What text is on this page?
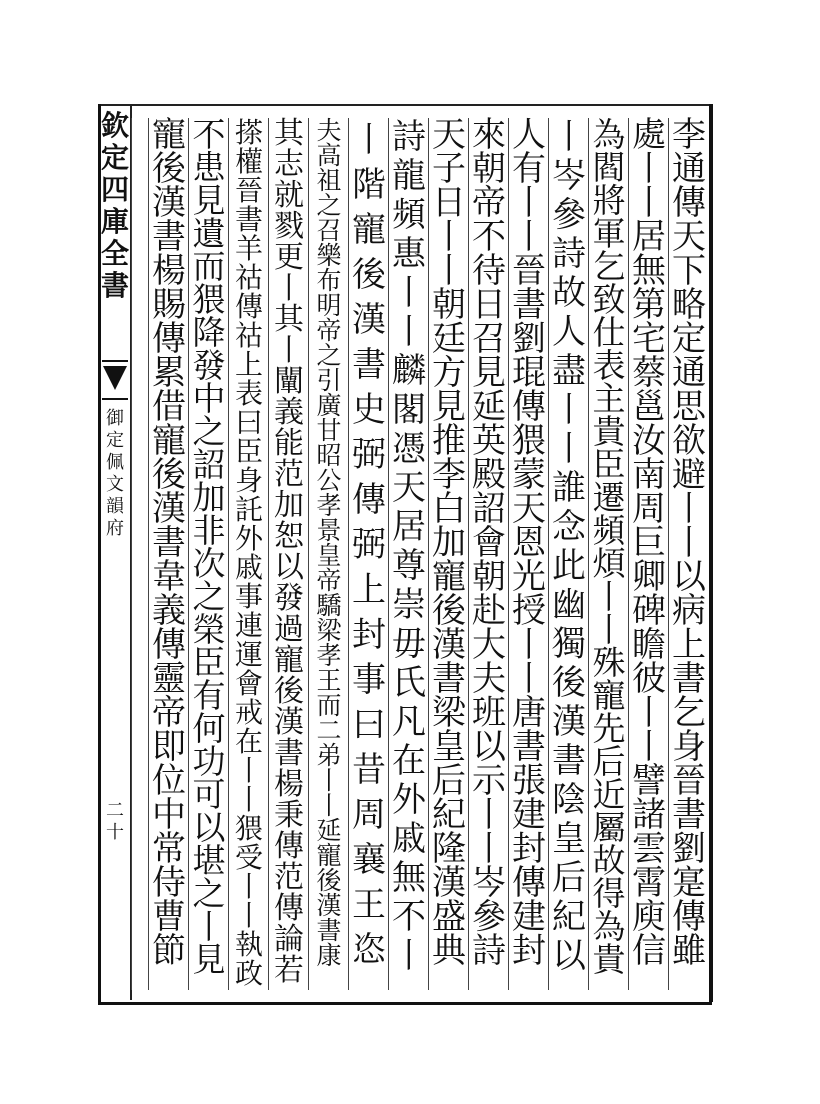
欽定四庫全書
御定佩文韻府
二十
李通傳天下略定通思欲避丨丨以病上書乞身晉書劉寔傳雖
處丨丨居無第宅蔡邕汝南周巨卿碑瞻彼丨丨譬諸雲霄庾信
為閻將軍乞致仕表主貴臣遷頻煩丨丨殊寵先后近屬故得為貴
丨岑參詩故人盡丨丨誰念此幽獨後漢書陰皇后紀以
人有丨丨晉書劉琨傳猥蒙天恩光授丨丨唐書張建封傳建封
來朝帝不待日召見延英殿詔會朝赴大夫班以示丨丨岑參詩
天子日丨丨朝廷方見推李白加寵後漢書梁皇后紀隆漢盛典
詩龍頻惠丨丨麟閣憑天居尊崇毋氏凡在外戚無不丨
丨階寵後漢書史弼傳弼上封事曰昔周襄王恣
夫高祖之召樂布明帝之引廣甘昭公孝景皇帝驕梁孝王而二弟丨丨延寵後漢書康
其志就戮更丨其丨闡義能范加恕以發過寵後漢書楊秉傳范傳論若
搽權晉書羊祜傳祜上表曰臣身託外戚事連運會戒在丨丨猥受丨丨執政
不患見遺而猥降發中之詔加非次之榮臣有何功可以堪之丨見
寵後漢書楊賜傳累借寵後漢書韋義傳靈帝即位中常侍曹節
